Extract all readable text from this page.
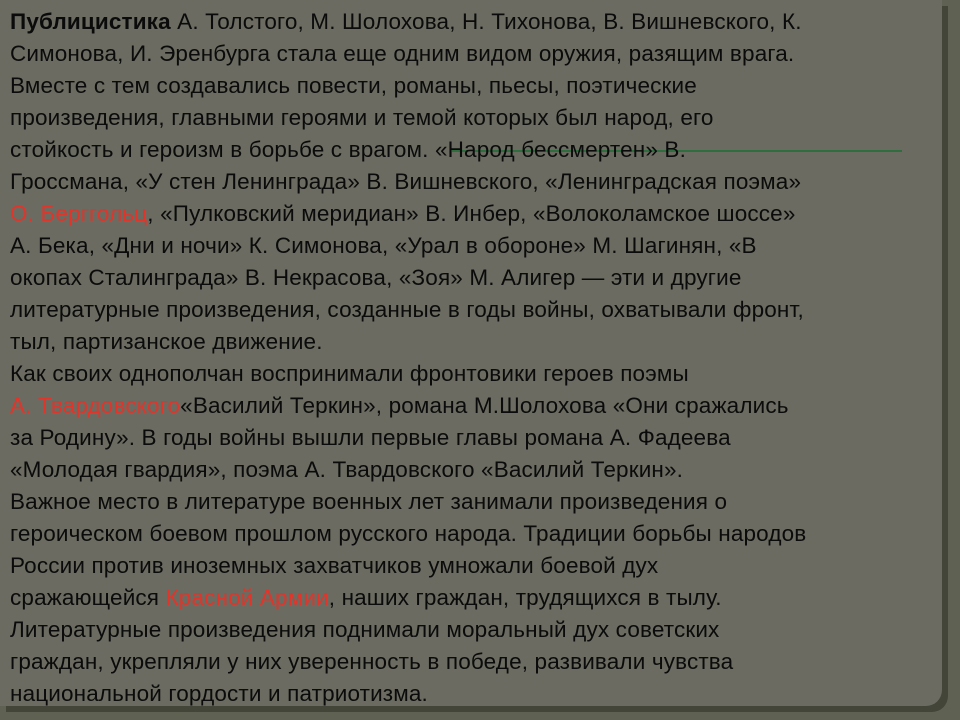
Публицистика А. Толстого, М. Шолохова, Н. Тихонова, В. Вишневского, К.
Симонова, И. Эренбурга стала еще одним видом оружия, разящим врага.
Вместе с тем создавались повести, романы, пьесы, поэтические
произведения, главными героями и темой которых был народ, его
стойкость и героизм в борьбе с врагом. «Народ бессмертен» В.
Гроссмана, «У стен Ленинграда» В. Вишневского, «Ленинградская поэма»
О. Берггольц, «Пулковский меридиан» В. Инбер, «Волоколамское шоссе»
А. Бека, «Дни и ночи» К. Симонова, «Урал в обороне» М. Шагинян, «В
окопах Сталинграда» В. Некрасова, «Зоя» М. Алигер — эти и другие
литературные произведения, созданные в годы войны, охватывали фронт,
тыл, партизанское движение.
Как своих однополчан воспринимали фронтовики героев поэмы
А. Твардовского«Василий Теркин», романа М.Шолохова «Они сражались
за Родину». В годы войны вышли первые главы романа А. Фадеева
«Молодая гвардия», поэма А. Твардовского «Василий Теркин».
Важное место в литературе военных лет занимали произведения о
героическом боевом прошлом русского народа. Традиции борьбы народов
России против иноземных захватчиков умножали боевой дух
сражающейся Красной Армии, наших граждан, трудящихся в тылу.
Литературные произведения поднимали моральный дух советских
граждан, укрепляли у них уверенность в победе, развивали чувства
национальной гордости и патриотизма.
